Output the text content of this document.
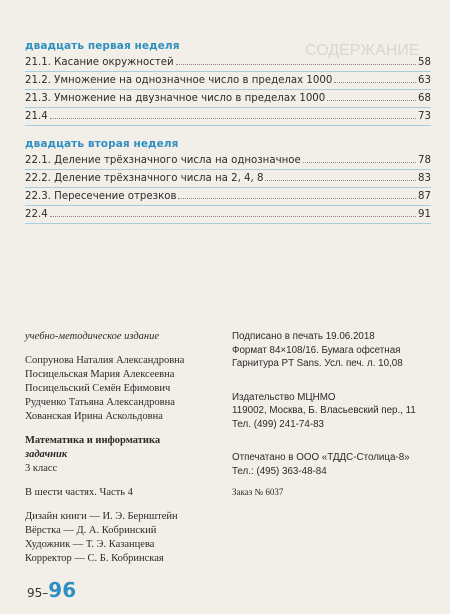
СОДЕРЖАНИЕ
двадцать первая неделя
21.1. Касание окружностей	58
21.2. Умножение на однозначное число в пределах 1000	63
21.3. Умножение на двузначное число в пределах 1000	68
21.4	73
двадцать вторая неделя
22.1. Деление трёхзначного числа на однозначное	78
22.2. Деление трёхзначного числа на 2, 4, 8	83
22.3. Пересечение отрезков	87
22.4	91

учебно-методическое издание

Сопрунова Наталия Александровна

Посицельская Мария Алексеевна

Посицельский Семён Ефимович

Рудченко Татьяна Александровна

Хованская Ирина Аскольдовна

Математика и информатика

задачник

3 класс

В шести частях. Часть 4

Дизайн книги — И. Э. Бернштейн

Вёрстка — Д. А. Кобринский

Художник — Т. Э. Казанцева

Корректор — С. Б. Кобринская

Подписано в печать 19.06.2018

Формат 84×108/16. Бумага офсетная

Гарнитура PT Sans. Усл. печ. л. 10,08

Издательство МЦНМО

119002, Москва, Б. Власьевский пер., 11

Тел. (499) 241-74-83

Отпечатано в ООО «ТДДС-Столица-8»

Тел.: (495) 363-48-84

Заказ № 6037

95–96
